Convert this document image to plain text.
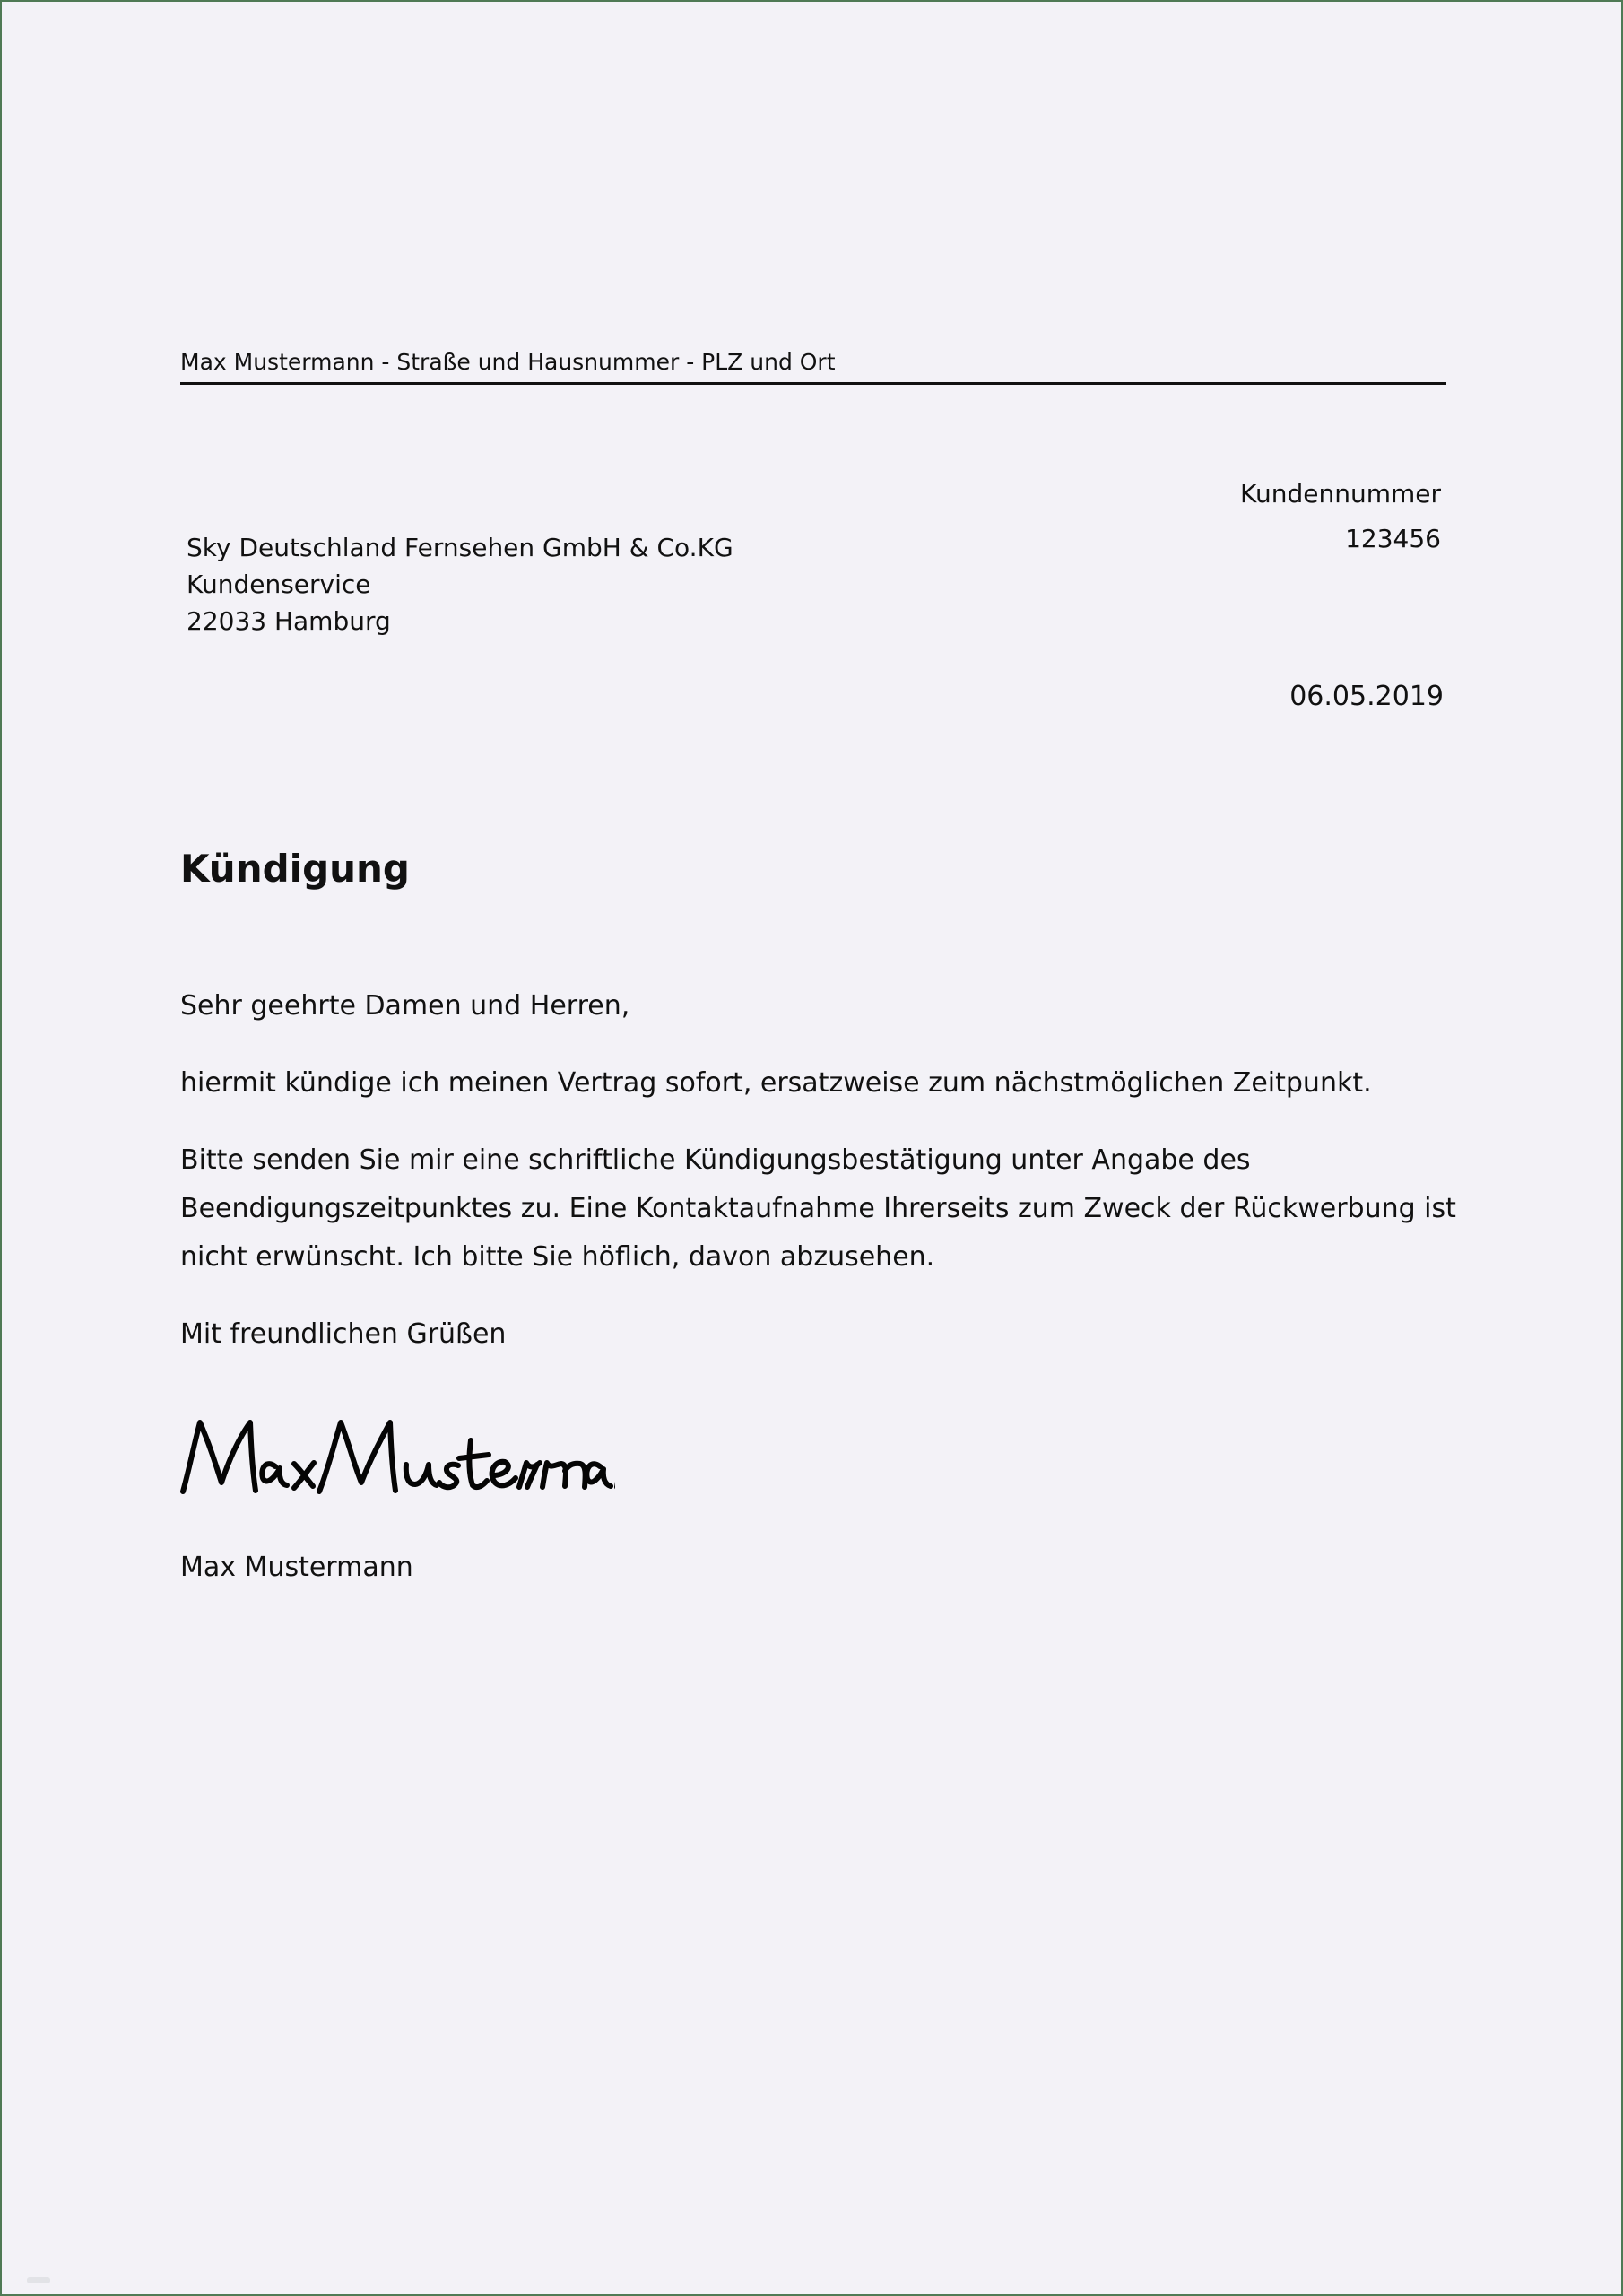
Max Mustermann - Straße und Hausnummer - PLZ und Ort
Kundennummer
123456
Sky Deutschland Fernsehen GmbH & Co.KG
Kundenservice
22033 Hamburg
06.05.2019
Kündigung
Sehr geehrte Damen und Herren,
hiermit kündige ich meinen Vertrag sofort, ersatzweise zum nächstmöglichen Zeitpunkt.
Bitte senden Sie mir eine schriftliche Kündigungsbestätigung unter Angabe des Beendigungszeitpunktes zu. Eine Kontaktaufnahme Ihrerseits zum Zweck der Rückwerbung ist nicht erwünscht. Ich bitte Sie höflich, davon abzusehen.
Mit freundlichen Grüßen
Max Mustermann
